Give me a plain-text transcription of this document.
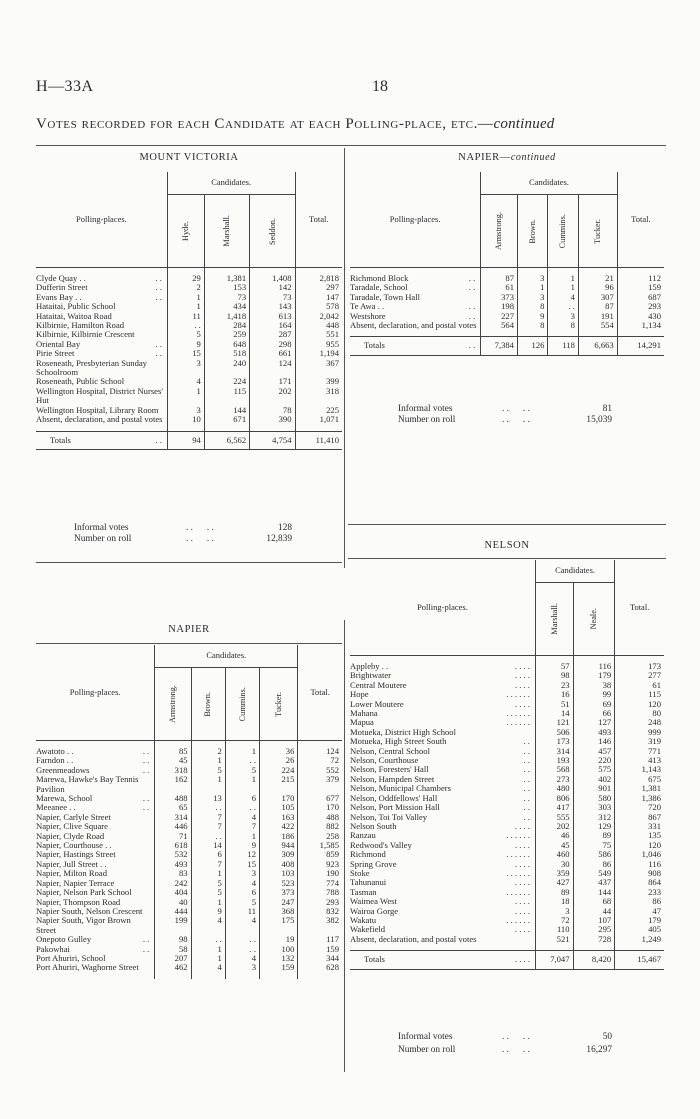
H—33A	18
Votes recorded for each Candidate at each Polling-place, etc.—continued
MOUNT VICTORIA
Polling-places.	Candidates.			Total.

	Hyde.	Marshall.	Seddon.	

Clyde Quay . . . .	29	1,381	1,408	2,818
Dufferin Street . .	2	153	142	297
Evans Bay . . . .	1	73	73	147
Hataitai, Public School	1	434	143	578
Hataitai, Waitoa Road	11	1,418	613	2,042
Kilbirnie, Hamilton Road	. .	284	164	448
Kilbirnie, Kilbirnie Crescent	5	259	287	551
Oriental Bay . .	9	648	298	955
Pirie Street . .	15	518	661	1,194
Roseneath, Presbyterian Sunday Schoolroom	3	240	124	367
Roseneath, Public School	4	224	171	399
Wellington Hospital, District Nurses' Hut	1	115	202	318
Wellington Hospital, Library Room	3	144	78	225
Absent, declaration, and postal votes	10	671	390	1,071
Totals . .	94	6,562	4,754	11,410
Informal votes	. .      . .	128
Number on roll	. .      . .	12,839
NAPIER—continued
Polling-places.	Candidates.				Total.

	Armstrong.	Brown.	Cummins.	Tucker.	

Richmond Block . .	87	3	1	21	112
Taradale, School . .	61	1	1	96	159
Taradale, Town Hall	373	3	4	307	687
Te Awa . . . .	198	8	. .	87	293
Westshore . .	227	9	3	191	430
Absent, declaration, and postal votes	564	8	8	554	1,134
Totals . .	7,384	126	118	6,663	14,291
Informal votes	. .      . .	81
Number on roll	. .      . .	15,039
NAPIER
Polling-places.	Candidates.				Total.

	Armstrong.	Brown.	Cummins.	Tucker.	

Awatoto . . . .	85	2	1	36	124
Farndon . . . .	45	1	. .	26	72
Greenmeadows . .	318	5	5	224	552
Marewa, Hawke's Bay Tennis Pavilion	162	1	1	215	379
Marewa, School . .	488	13	6	170	677
Meeanee . . . .	65	. .	. .	105	170
Napier, Carlyle Street	314	7	4	163	488
Napier, Clive Square	446	7	7	422	882
Napier, Clyde Road	71	. .	1	186	258
Napier, Courthouse . .	618	14	9	944	1,585
Napier, Hastings Street	532	6	12	309	859
Napier, Jull Street . .	493	7	15	408	923
Napier, Milton Road	83	1	3	103	190
Napier, Napier Terrace	242	5	4	523	774
Napier, Nelson Park School	404	5	6	373	788
Napier, Thompson Road	40	1	5	247	293
Napier South, Nelson Crescent	444	9	11	368	832
Napier South, Vigor Brown Street	199	4	4	175	382
Onepoto Gulley . .	98	. .	. .	19	117
Pakowhai . .	58	1	. .	100	159
Port Ahuriri, School	207	1	4	132	344
Port Ahuriri, Waghorne Street	462	4	3	159	628
NELSON
Polling-places.	Candidates.		Total.

	Marshall.	Neale.	

Appleby . . . . . .	57	116	173
Brightwater . . . .	98	179	277
Central Moutere . . . .	23	38	61
Hope . . . . . .	16	99	115
Lower Moutere . . . .	51	69	120
Mahana . . . . . .	14	66	80
Mapua . . . . . .	121	127	248
Motueka, District High School	506	493	999
Motueka, High Street South . .	173	146	319
Nelson, Central School . .	314	457	771
Nelson, Courthouse . .	193	220	413
Nelson, Foresters' Hall . .	568	575	1,143
Nelson, Hampden Street . .	273	402	675
Nelson, Municipal Chambers . .	480	901	1,381
Nelson, Oddfellows' Hall . .	806	580	1,386
Nelson, Port Mission Hall . .	417	303	720
Nelson, Toi Toi Valley . .	555	312	867
Nelson South . . . .	202	129	331
Ranzau . . . . . .	46	89	135
Redwood's Valley . . . .	45	75	120
Richmond . . . . . .	460	586	1,046
Spring Grove . . . .	30	86	116
Stoke . . . . . .	359	549	908
Tahunanui . . . .	427	437	864
Tasman . . . . . .	89	144	233
Waimea West . . . .	18	68	86
Wairoa Gorge . . . .	3	44	47
Wakatu . . . . . .	72	107	179
Wakefield . . . .	110	295	405
Absent, declaration, and postal votes	521	728	1,249
Totals . . . .	7,047	8,420	15,467
Informal votes	. .      . .	50
Number on roll	. .      . .	16,297
